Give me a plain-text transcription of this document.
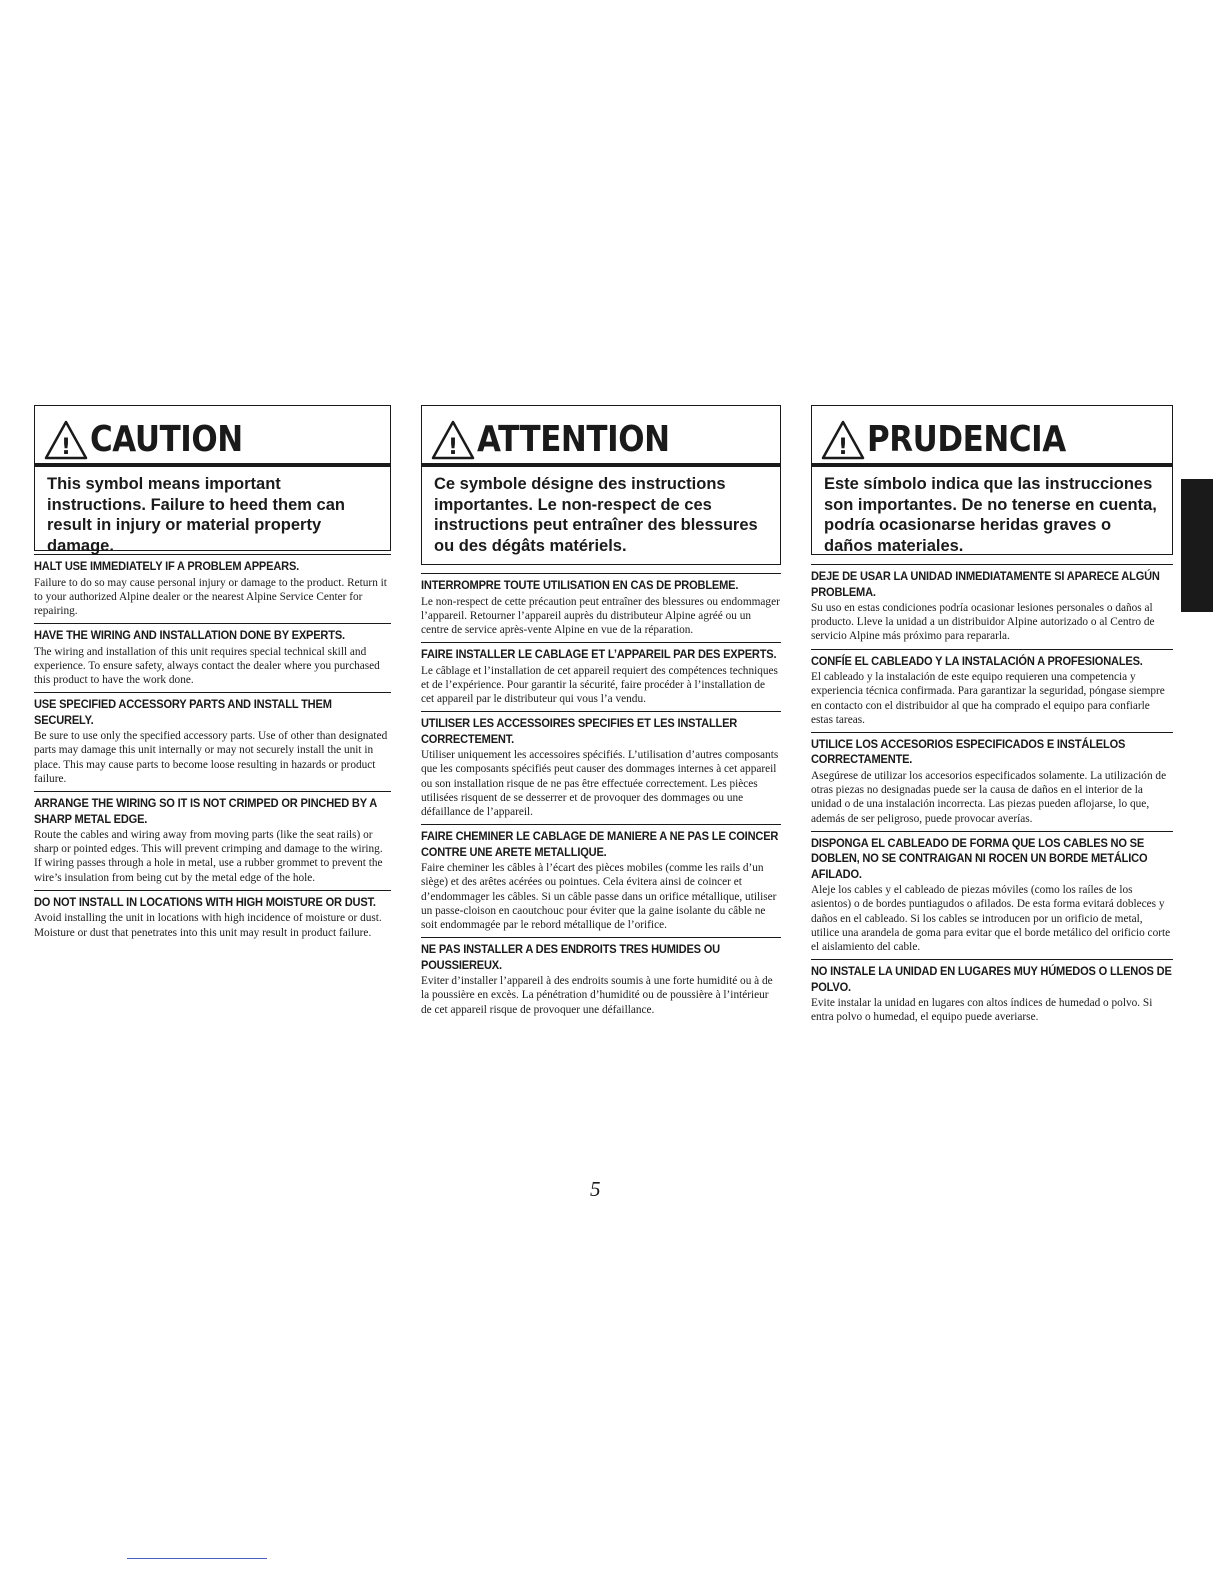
! CAUTION
This symbol means important instructions. Failure to heed them can result in injury or material property damage.
HALT USE IMMEDIATELY IF A PROBLEM APPEARS.
Failure to do so may cause personal injury or damage to the product. Return it to your authorized Alpine dealer or the nearest Alpine Service Center for repairing.
HAVE THE WIRING AND INSTALLATION DONE BY EXPERTS.
The wiring and installation of this unit requires special technical skill and experience. To ensure safety, always contact the dealer where you purchased this product to have the work done.
USE SPECIFIED ACCESSORY PARTS AND INSTALL THEM SECURELY.
Be sure to use only the specified accessory parts. Use of other than designated parts may damage this unit internally or may not securely install the unit in place. This may cause parts to become loose resulting in hazards or product failure.
ARRANGE THE WIRING SO IT IS NOT CRIMPED OR PINCHED BY A SHARP METAL EDGE.
Route the cables and wiring away from moving parts (like the seat rails) or sharp or pointed edges. This will prevent crimping and damage to the wiring. If wiring passes through a hole in metal, use a rubber grommet to prevent the wire’s insulation from being cut by the metal edge of the hole.
DO NOT INSTALL IN LOCATIONS WITH HIGH MOISTURE OR DUST.
Avoid installing the unit in locations with high incidence of moisture or dust. Moisture or dust that penetrates into this unit may result in product failure.
! ATTENTION
Ce symbole désigne des instructions importantes. Le non-respect de ces instructions peut entraîner des blessures ou des dégâts matériels.
INTERROMPRE TOUTE UTILISATION EN CAS DE PROBLEME.
Le non-respect de cette précaution peut entraîner des blessures ou endommager l’appareil. Retourner l’appareil auprès du distributeur Alpine agréé ou un centre de service après-vente Alpine en vue de la réparation.
FAIRE INSTALLER LE CABLAGE ET L’APPAREIL PAR DES EXPERTS.
Le câblage et l’installation de cet appareil requiert des compétences techniques et de l’expérience. Pour garantir la sécurité, faire procéder à l’installation de cet appareil par le distributeur qui vous l’a vendu.
UTILISER LES ACCESSOIRES SPECIFIES ET LES INSTALLER CORRECTEMENT.
Utiliser uniquement les accessoires spécifiés. L’utilisation d’autres composants que les composants spécifiés peut causer des dommages internes à cet appareil ou son installation risque de ne pas être effectuée correctement. Les pièces utilisées risquent de se desserrer et de provoquer des dommages ou une défaillance de l’appareil.
FAIRE CHEMINER LE CABLAGE DE MANIERE A NE PAS LE COINCER CONTRE UNE ARETE METALLIQUE.
Faire cheminer les câbles à l’écart des pièces mobiles (comme les rails d’un siège) et des arêtes acérées ou pointues. Cela évitera ainsi de coincer et d’endommager les câbles. Si un câble passe dans un orifice métallique, utiliser un passe-cloison en caoutchouc pour éviter que la gaine isolante du câble ne soit endommagée par le rebord métallique de l’orifice.
NE PAS INSTALLER A DES ENDROITS TRES HUMIDES OU POUSSIEREUX.
Eviter d’installer l’appareil à des endroits soumis à une forte humidité ou à de la poussière en excès. La pénétration d’humidité ou de poussière à l’intérieur de cet appareil risque de provoquer une défaillance.
! PRUDENCIA
Este símbolo indica que las instrucciones son importantes. De no tenerse en cuenta, podría ocasionarse heridas graves o daños materiales.
DEJE DE USAR LA UNIDAD INMEDIATAMENTE SI APARECE ALGÚN PROBLEMA.
Su uso en estas condiciones podría ocasionar lesiones personales o daños al producto. Lleve la unidad a un distribuidor Alpine autorizado o al Centro de servicio Alpine más próximo para repararla.
CONFÍE EL CABLEADO Y LA INSTALACIÓN A PROFESIONALES.
El cableado y la instalación de este equipo requieren una competencia y experiencia técnica confirmada. Para garantizar la seguridad, póngase siempre en contacto con el distribuidor al que ha comprado el equipo para confiarle estas tareas.
UTILICE LOS ACCESORIOS ESPECIFICADOS E INSTÁLELOS CORRECTAMENTE.
Asegúrese de utilizar los accesorios especificados solamente. La utilización de otras piezas no designadas puede ser la causa de daños en el interior de la unidad o de una instalación incorrecta. Las piezas pueden aflojarse, lo que, además de ser peligroso, puede provocar averías.
DISPONGA EL CABLEADO DE FORMA QUE LOS CABLES NO SE DOBLEN, NO SE CONTRAIGAN NI ROCEN UN BORDE METÁLICO AFILADO.
Aleje los cables y el cableado de piezas móviles (como los raíles de los asientos) o de bordes puntiagudos o afilados. De esta forma evitará dobleces y daños en el cableado. Si los cables se introducen por un orificio de metal, utilice una arandela de goma para evitar que el borde metálico del orificio corte el aislamiento del cable.
NO INSTALE LA UNIDAD EN LUGARES MUY HÚMEDOS O LLENOS DE POLVO.
Evite instalar la unidad en lugares con altos índices de humedad o polvo. Si entra polvo o humedad, el equipo puede averiarse.
5
